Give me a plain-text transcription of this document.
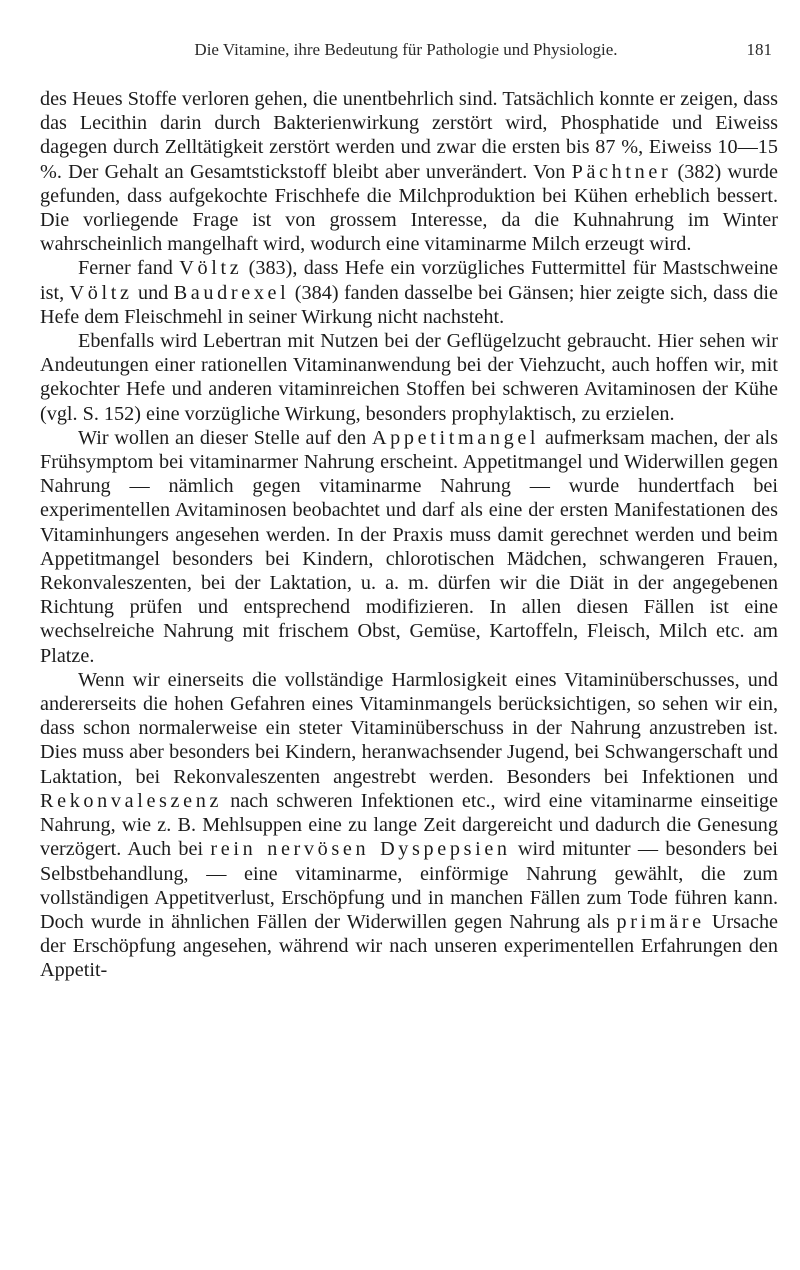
Die Vitamine, ihre Bedeutung für Pathologie und Physiologie.	181

des Heues Stoffe verloren gehen, die unentbehrlich sind. Tatsächlich konnte er zeigen, dass das Lecithin darin durch Bakterienwirkung zerstört wird, Phosphatide und Eiweiss dagegen durch Zelltätigkeit zerstört werden und zwar die ersten bis 87 %, Eiweiss 10—15 %. Der Gehalt an Gesamtstickstoff bleibt aber unverändert. Von Pächtner (382) wurde gefunden, dass aufgekochte Frischhefe die Milchproduktion bei Kühen erheblich bessert. Die vorliegende Frage ist von grossem Interesse, da die Kuhnahrung im Winter wahrscheinlich mangelhaft wird, wodurch eine vitaminarme Milch erzeugt wird.

Ferner fand Völtz (383), dass Hefe ein vorzügliches Futtermittel für Mastschweine ist, Völtz und Baudrexel (384) fanden dasselbe bei Gänsen; hier zeigte sich, dass die Hefe dem Fleischmehl in seiner Wirkung nicht nachsteht.

Ebenfalls wird Lebertran mit Nutzen bei der Geflügelzucht gebraucht. Hier sehen wir Andeutungen einer rationellen Vitaminanwendung bei der Viehzucht, auch hoffen wir, mit gekochter Hefe und anderen vitaminreichen Stoffen bei schweren Avitaminosen der Kühe (vgl. S. 152) eine vorzügliche Wirkung, besonders prophylaktisch, zu erzielen.

Wir wollen an dieser Stelle auf den Appetitmangel aufmerksam machen, der als Frühsymptom bei vitaminarmer Nahrung erscheint. Appetitmangel und Widerwillen gegen Nahrung — nämlich gegen vitaminarme Nahrung — wurde hundertfach bei experimentellen Avitaminosen beobachtet und darf als eine der ersten Manifestationen des Vitaminhungers angesehen werden. In der Praxis muss damit gerechnet werden und beim Appetitmangel besonders bei Kindern, chlorotischen Mädchen, schwangeren Frauen, Rekonvaleszenten, bei der Laktation, u. a. m. dürfen wir die Diät in der angegebenen Richtung prüfen und entsprechend modifizieren. In allen diesen Fällen ist eine wechselreiche Nahrung mit frischem Obst, Gemüse, Kartoffeln, Fleisch, Milch etc. am Platze.

Wenn wir einerseits die vollständige Harmlosigkeit eines Vitaminüberschusses, und andererseits die hohen Gefahren eines Vitaminmangels berücksichtigen, so sehen wir ein, dass schon normalerweise ein steter Vitaminüberschuss in der Nahrung anzustreben ist. Dies muss aber besonders bei Kindern, heranwachsender Jugend, bei Schwangerschaft und Laktation, bei Rekonvaleszenten angestrebt werden. Besonders bei Infektionen und Rekonvaleszenz nach schweren Infektionen etc., wird eine vitaminarme einseitige Nahrung, wie z. B. Mehlsuppen eine zu lange Zeit dargereicht und dadurch die Genesung verzögert. Auch bei rein nervösen Dyspepsien wird mitunter — besonders bei Selbstbehandlung, — eine vitaminarme, einförmige Nahrung gewählt, die zum vollständigen Appetitverlust, Erschöpfung und in manchen Fällen zum Tode führen kann. Doch wurde in ähnlichen Fällen der Widerwillen gegen Nahrung als primäre Ursache der Erschöpfung angesehen, während wir nach unseren experimentellen Erfahrungen den Appetit-
